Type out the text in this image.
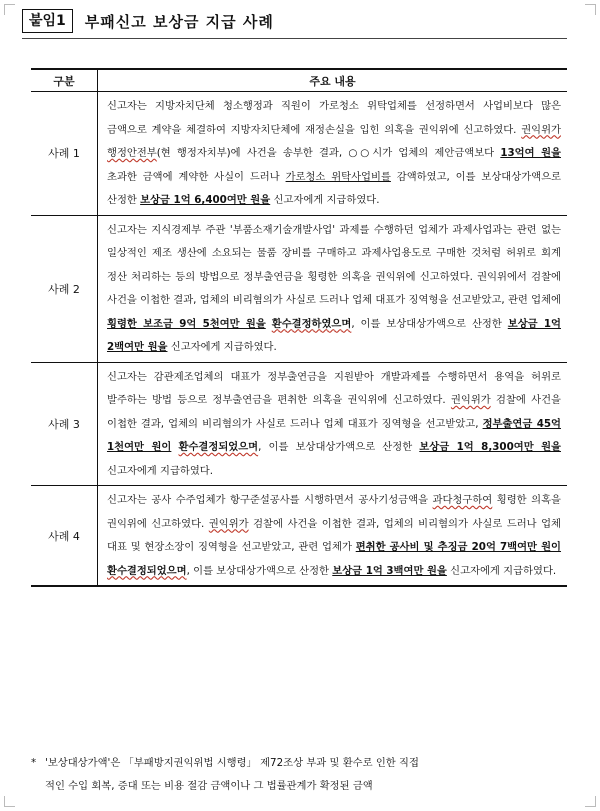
붙임1	부패신고 보상금 지급 사례
구분	주요 내용
사례 1	신고자는 지방자치단체 청소행정과 직원이 가로청소 위탁업체를 선정하면서 사업비보다 많은 금액으로 계약을 체결하여 지방자치단체에 재정손실을 입힌 의혹을 권익위에 신고하였다. 권익위가 행정안전부(현 행정자치부)에 사건을 송부한 결과, ○○시가 업체의 제안금액보다 13억여 원을 초과한 금액에 계약한 사실이 드러나 가로청소 위탁사업비를 감액하였고, 이를 보상대상가액으로 산정한 보상금 1억 6,400여만 원을 신고자에게 지급하였다.
사례 2	신고자는 지식경제부 주관 '부품소재기술개발사업' 과제를 수행하던 업체가 과제사업과는 관련 없는 일상적인 제조 생산에 소요되는 물품 장비를 구매하고 과제사업용도로 구매한 것처럼 허위로 회계 정산 처리하는 등의 방법으로 정부출연금을 횡령한 의혹을 권익위에 신고하였다. 권익위에서 검찰에 사건을 이첩한 결과, 업체의 비리혐의가 사실로 드러나 업체 대표가 징역형을 선고받았고, 관련 업체에 횡령한 보조금 9억 5천여만 원을 환수결정하였으며, 이를 보상대상가액으로 산정한 보상금 1억 2백여만 원을 신고자에게 지급하였다.
사례 3	신고자는 감관제조업체의 대표가 정부출연금을 지원받아 개발과제를 수행하면서 용역을 허위로 발주하는 방법 등으로 정부출연금을 편취한 의혹을 권익위에 신고하였다. 권익위가 검찰에 사건을 이첩한 결과, 업체의 비리혐의가 사실로 드러나 업체 대표가 징역형을 선고받았고, 정부출연금 45억 1천여만 원이 환수결정되었으며, 이를 보상대상가액으로 산정한 보상금 1억 8,300여만 원을 신고자에게 지급하였다.
사례 4	신고자는 공사 수주업체가 항구준설공사를 시행하면서 공사기성금액을 과다청구하여 횡령한 의혹을 권익위에 신고하였다. 권익위가 검찰에 사건을 이첩한 결과, 업체의 비리혐의가 사실로 드러나 업체 대표 및 현장소장이 징역형을 선고받았고, 관련 업체가 편취한 공사비 및 추징금 20억 7백여만 원이 환수결정되었으며, 이를 보상대상가액으로 산정한 보상금 1억 3백여만 원을 신고자에게 지급하였다.
* '보상대상가액'은 「부패방지권익위법 시행령」 제72조상 부과 및 환수로 인한 직접
적인 수입 회복, 증대 또는 비용 절감 금액이나 그 법률관계가 확정된 금액
